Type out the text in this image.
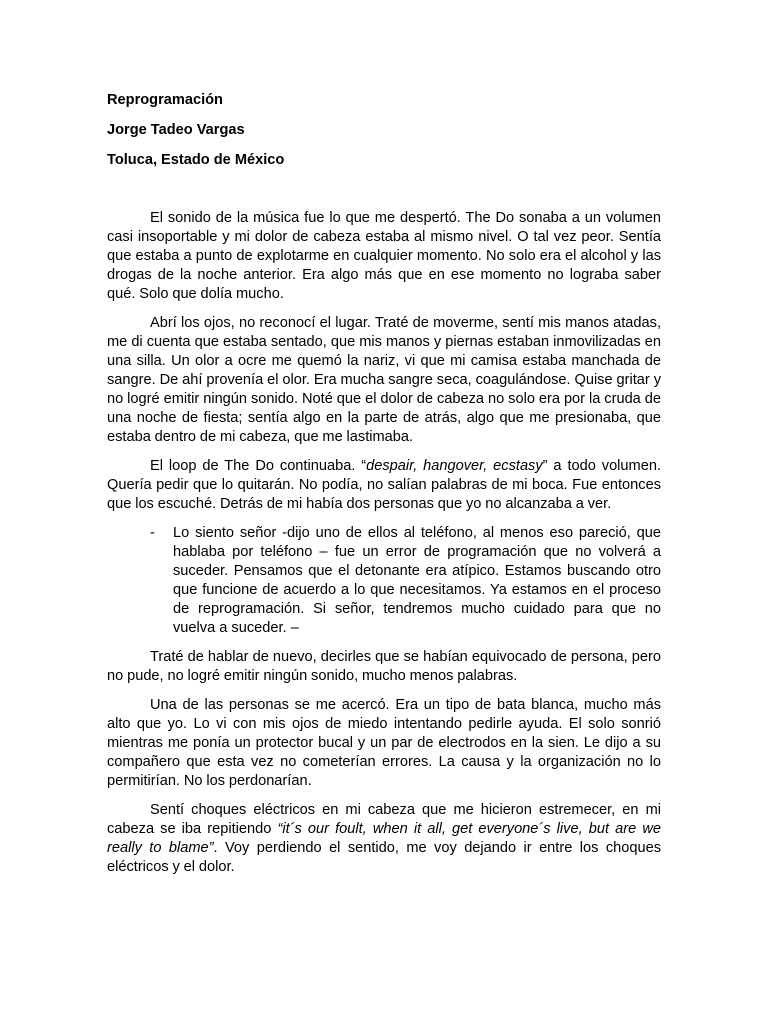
Reprogramación
Jorge Tadeo Vargas
Toluca, Estado de México

El sonido de la música fue lo que me despertó. The Do sonaba a un volumen casi insoportable y mi dolor de cabeza estaba al mismo nivel. O tal vez peor. Sentía que estaba a punto de explotarme en cualquier momento. No solo era el alcohol y las drogas de la noche anterior. Era algo más que en ese momento no lograba saber qué. Solo que dolía mucho.

Abrí los ojos, no reconocí el lugar. Traté de moverme, sentí mis manos atadas, me di cuenta que estaba sentado, que mis manos y piernas estaban inmovilizadas en una silla. Un olor a ocre me quemó la nariz, vi que mi camisa estaba manchada de sangre. De ahí provenía el olor. Era mucha sangre seca, coagulándose. Quise gritar y no logré emitir ningún sonido. Noté que el dolor de cabeza no solo era por la cruda de una noche de fiesta; sentía algo en la parte de atrás, algo que me presionaba, que estaba dentro de mi cabeza, que me lastimaba.

El loop de The Do continuaba. “despair, hangover, ecstasy” a todo volumen. Quería pedir que lo quitarán. No podía, no salían palabras de mi boca. Fue entonces que los escuché. Detrás de mi había dos personas que yo no alcanzaba a ver.

- Lo siento señor -dijo uno de ellos al teléfono, al menos eso pareció, que hablaba por teléfono – fue un error de programación que no volverá a suceder. Pensamos que el detonante era atípico. Estamos buscando otro que funcione de acuerdo a lo que necesitamos. Ya estamos en el proceso de reprogramación. Si señor, tendremos mucho cuidado para que no vuelva a suceder. –

Traté de hablar de nuevo, decirles que se habían equivocado de persona, pero no pude, no logré emitir ningún sonido, mucho menos palabras.

Una de las personas se me acercó. Era un tipo de bata blanca, mucho más alto que yo. Lo vi con mis ojos de miedo intentando pedirle ayuda. El solo sonrió mientras me ponía un protector bucal y un par de electrodos en la sien. Le dijo a su compañero que esta vez no cometerían errores. La causa y la organización no lo permitirían. No los perdonarían.

Sentí choques eléctricos en mi cabeza que me hicieron estremecer, en mi cabeza se iba repitiendo “it´s our foult, when it all, get everyone´s live, but are we really to blame”. Voy perdiendo el sentido, me voy dejando ir entre los choques eléctricos y el dolor.
